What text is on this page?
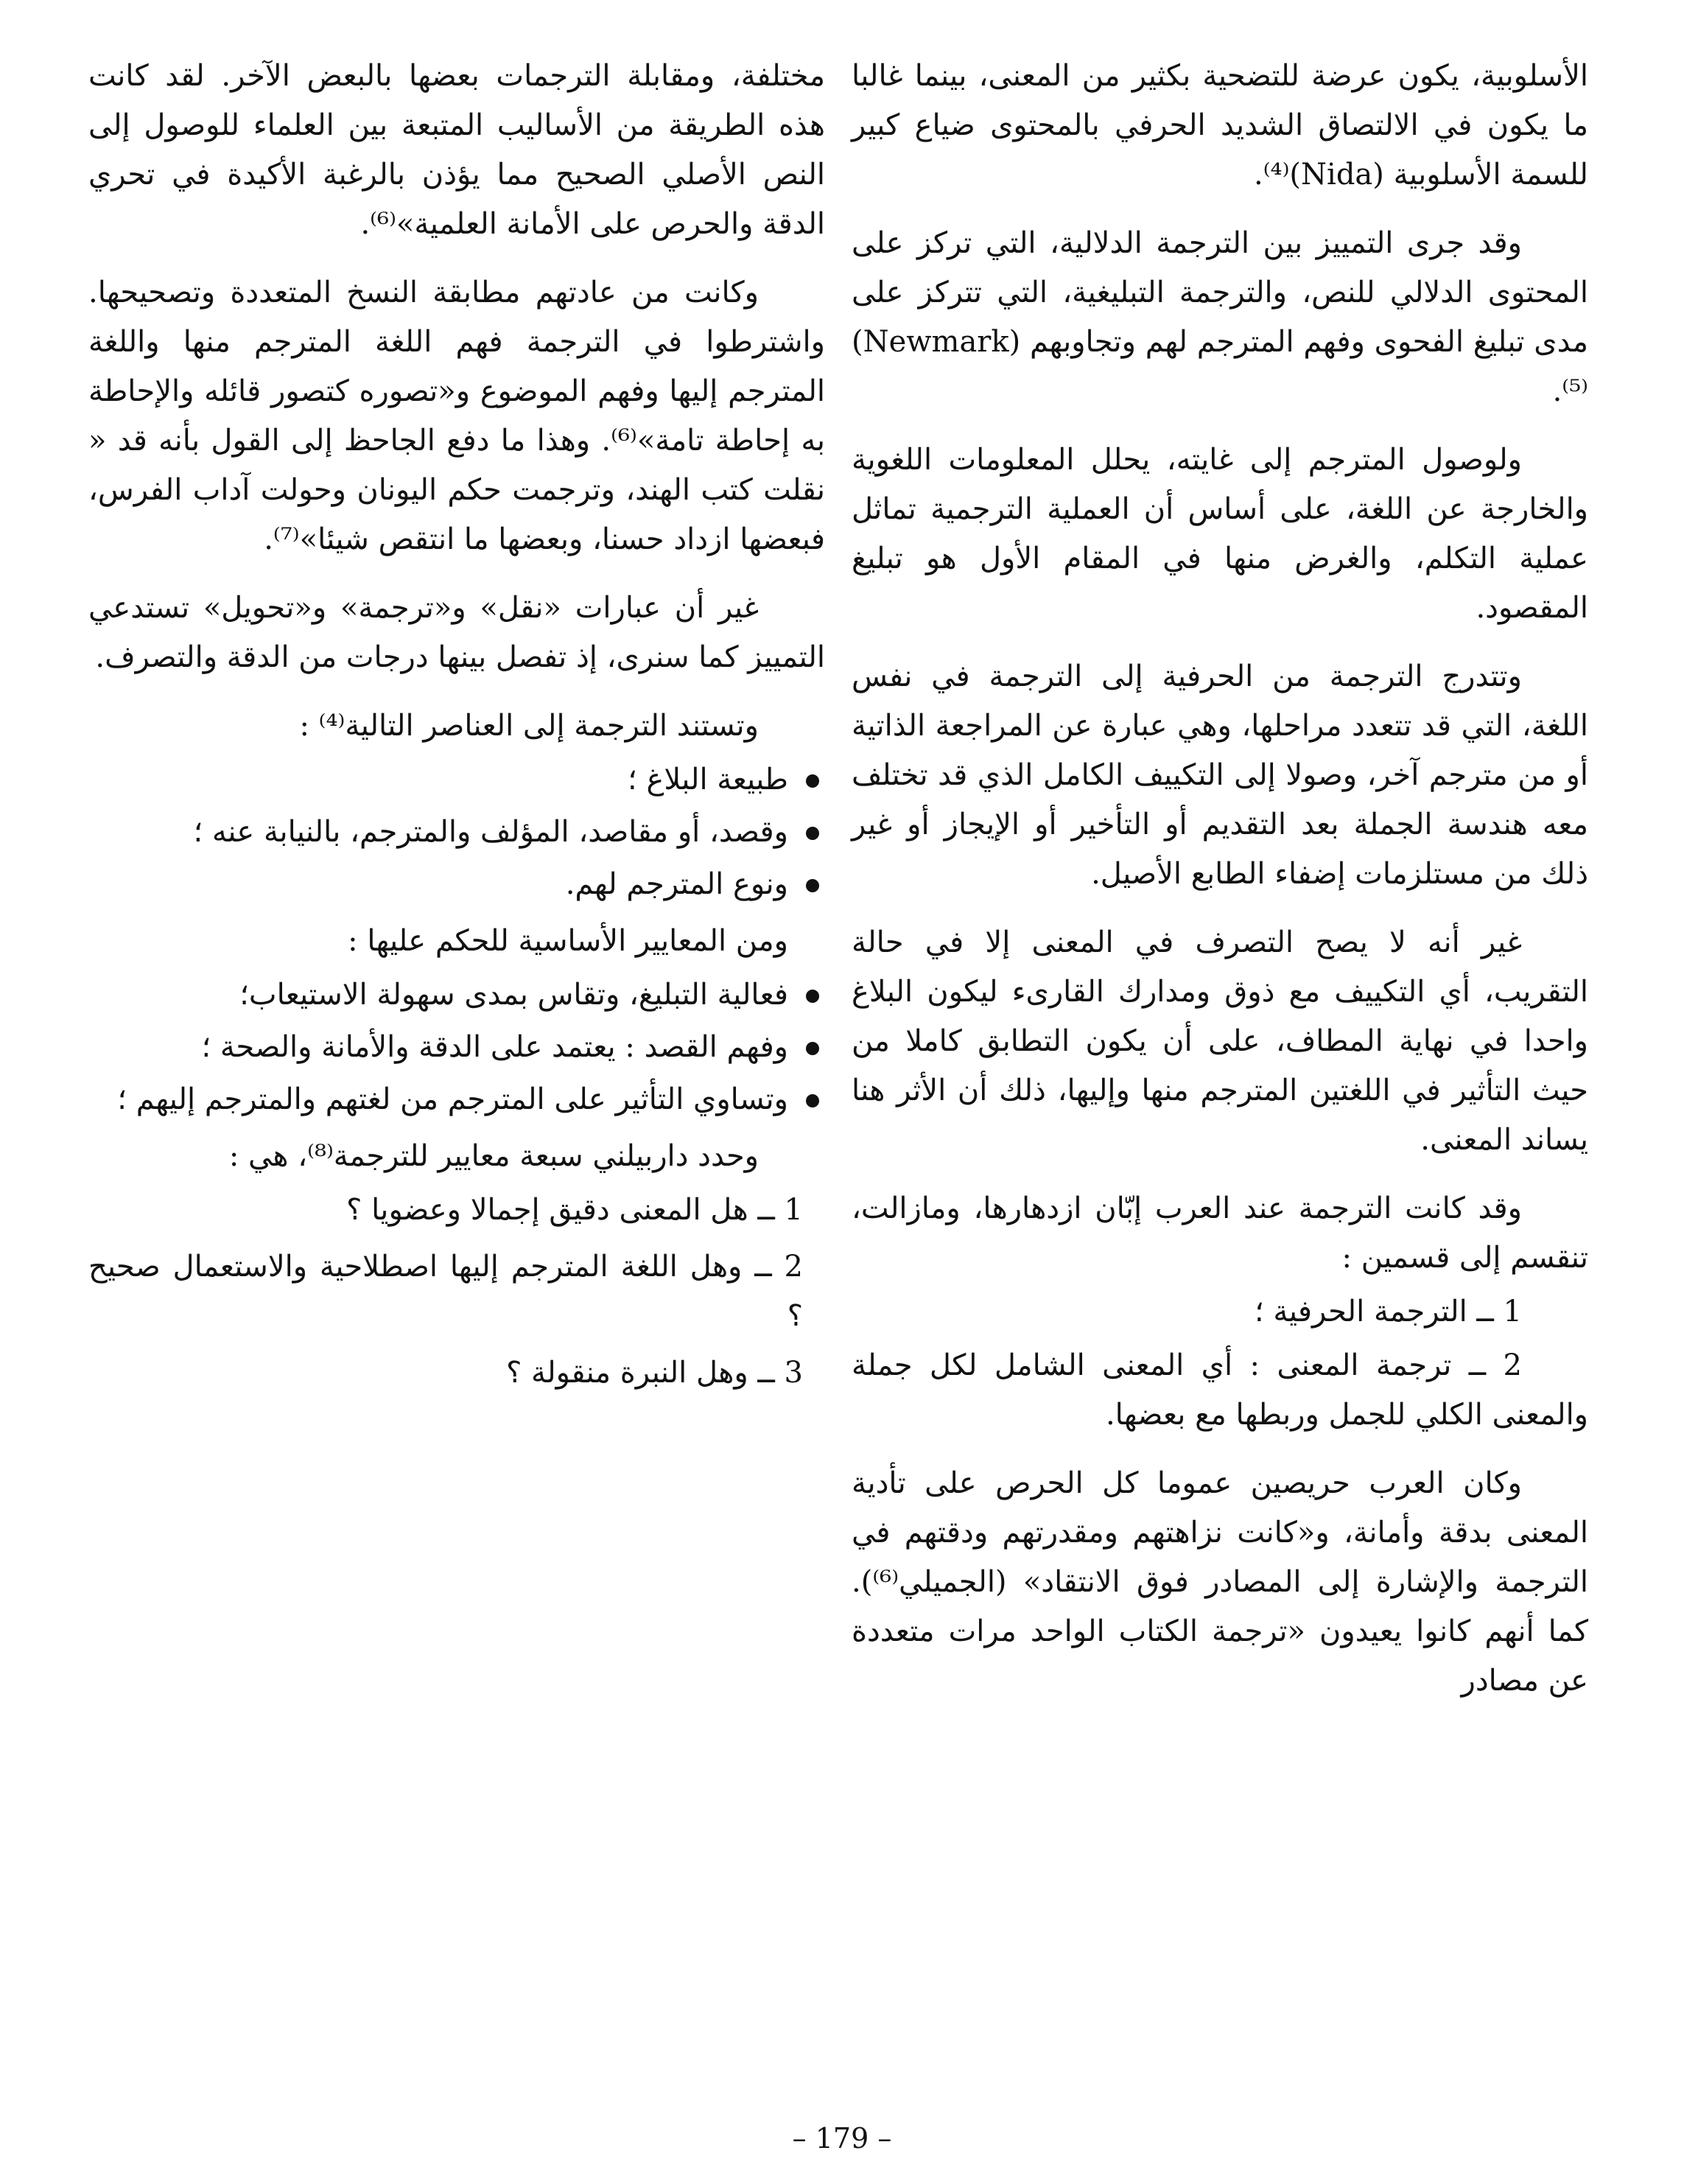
الأسلوبية، يكون عرضة للتضحية بكثير من المعنى، بينما غالبا ما يكون في الالتصاق الشديد الحرفي بالمحتوى ضياع كبير للسمة الأسلوبية (Nida)⁽⁴⁾.

وقد جرى التمييز بين الترجمة الدلالية، التي تركز على المحتوى الدلالي للنص، والترجمة التبليغية، التي تتركز على مدى تبليغ الفحوى وفهم المترجم لهم وتجاوبهم (Newmark)⁽⁵⁾.

ولوصول المترجم إلى غايته، يحلل المعلومات اللغوية والخارجة عن اللغة، على أساس أن العملية الترجمية تماثل عملية التكلم، والغرض منها في المقام الأول هو تبليغ المقصود.

وتتدرج الترجمة من الحرفية إلى الترجمة في نفس اللغة، التي قد تتعدد مراحلها، وهي عبارة عن المراجعة الذاتية أو من مترجم آخر، وصولا إلى التكييف الكامل الذي قد تختلف معه هندسة الجملة بعد التقديم أو التأخير أو الإيجاز أو غير ذلك من مستلزمات إضفاء الطابع الأصيل.

غير أنه لا يصح التصرف في المعنى إلا في حالة التقريب، أي التكييف مع ذوق ومدارك القارىء ليكون البلاغ واحدا في نهاية المطاف، على أن يكون التطابق كاملا من حيث التأثير في اللغتين المترجم منها وإليها، ذلك أن الأثر هنا يساند المعنى.

وقد كانت الترجمة عند العرب إبّان ازدهارها، ومازالت، تنقسم إلى قسمين :

1 ــ الترجمة الحرفية ؛

2 ــ ترجمة المعنى : أي المعنى الشامل لكل جملة والمعنى الكلي للجمل وربطها مع بعضها.

وكان العرب حريصين عموما كل الحرص على تأدية المعنى بدقة وأمانة، و«كانت نزاهتهم ومقدرتهم ودقتهم في الترجمة والإشارة إلى المصادر فوق الانتقاد» (الجميلي⁽⁶⁾). كما أنهم كانوا يعيدون «ترجمة الكتاب الواحد مرات متعددة عن مصادر

مختلفة، ومقابلة الترجمات بعضها بالبعض الآخر. لقد كانت هذه الطريقة من الأساليب المتبعة بين العلماء للوصول إلى النص الأصلي الصحيح مما يؤذن بالرغبة الأكيدة في تحري الدقة والحرص على الأمانة العلمية»⁽⁶⁾.

وكانت من عادتهم مطابقة النسخ المتعددة وتصحيحها. واشترطوا في الترجمة فهم اللغة المترجم منها واللغة المترجم إليها وفهم الموضوع و«تصوره كتصور قائله والإحاطة به إحاطة تامة»⁽⁶⁾. وهذا ما دفع الجاحظ إلى القول بأنه قد « نقلت كتب الهند، وترجمت حكم اليونان وحولت آداب الفرس، فبعضها ازداد حسنا، وبعضها ما انتقص شيئا»⁽⁷⁾.

غير أن عبارات «نقل» و«ترجمة» و«تحويل» تستدعي التمييز كما سنرى، إذ تفصل بينها درجات من الدقة والتصرف.

وتستند الترجمة إلى العناصر التالية⁽⁴⁾ :

طبيعة البلاغ ؛
وقصد، أو مقاصد، المؤلف والمترجم، بالنيابة عنه ؛
ونوع المترجم لهم.

ومن المعايير الأساسية للحكم عليها :

فعالية التبليغ، وتقاس بمدى سهولة الاستيعاب؛
وفهم القصد : يعتمد على الدقة والأمانة والصحة ؛
وتساوي التأثير على المترجم من لغتهم والمترجم إليهم ؛

وحدد داربيلني سبعة معايير للترجمة⁽⁸⁾، هي :

1 ــ هل المعنى دقيق إجمالا وعضويا ؟

2 ــ وهل اللغة المترجم إليها اصطلاحية والاستعمال صحيح ؟

3 ــ وهل النبرة منقولة ؟

– 179 –
